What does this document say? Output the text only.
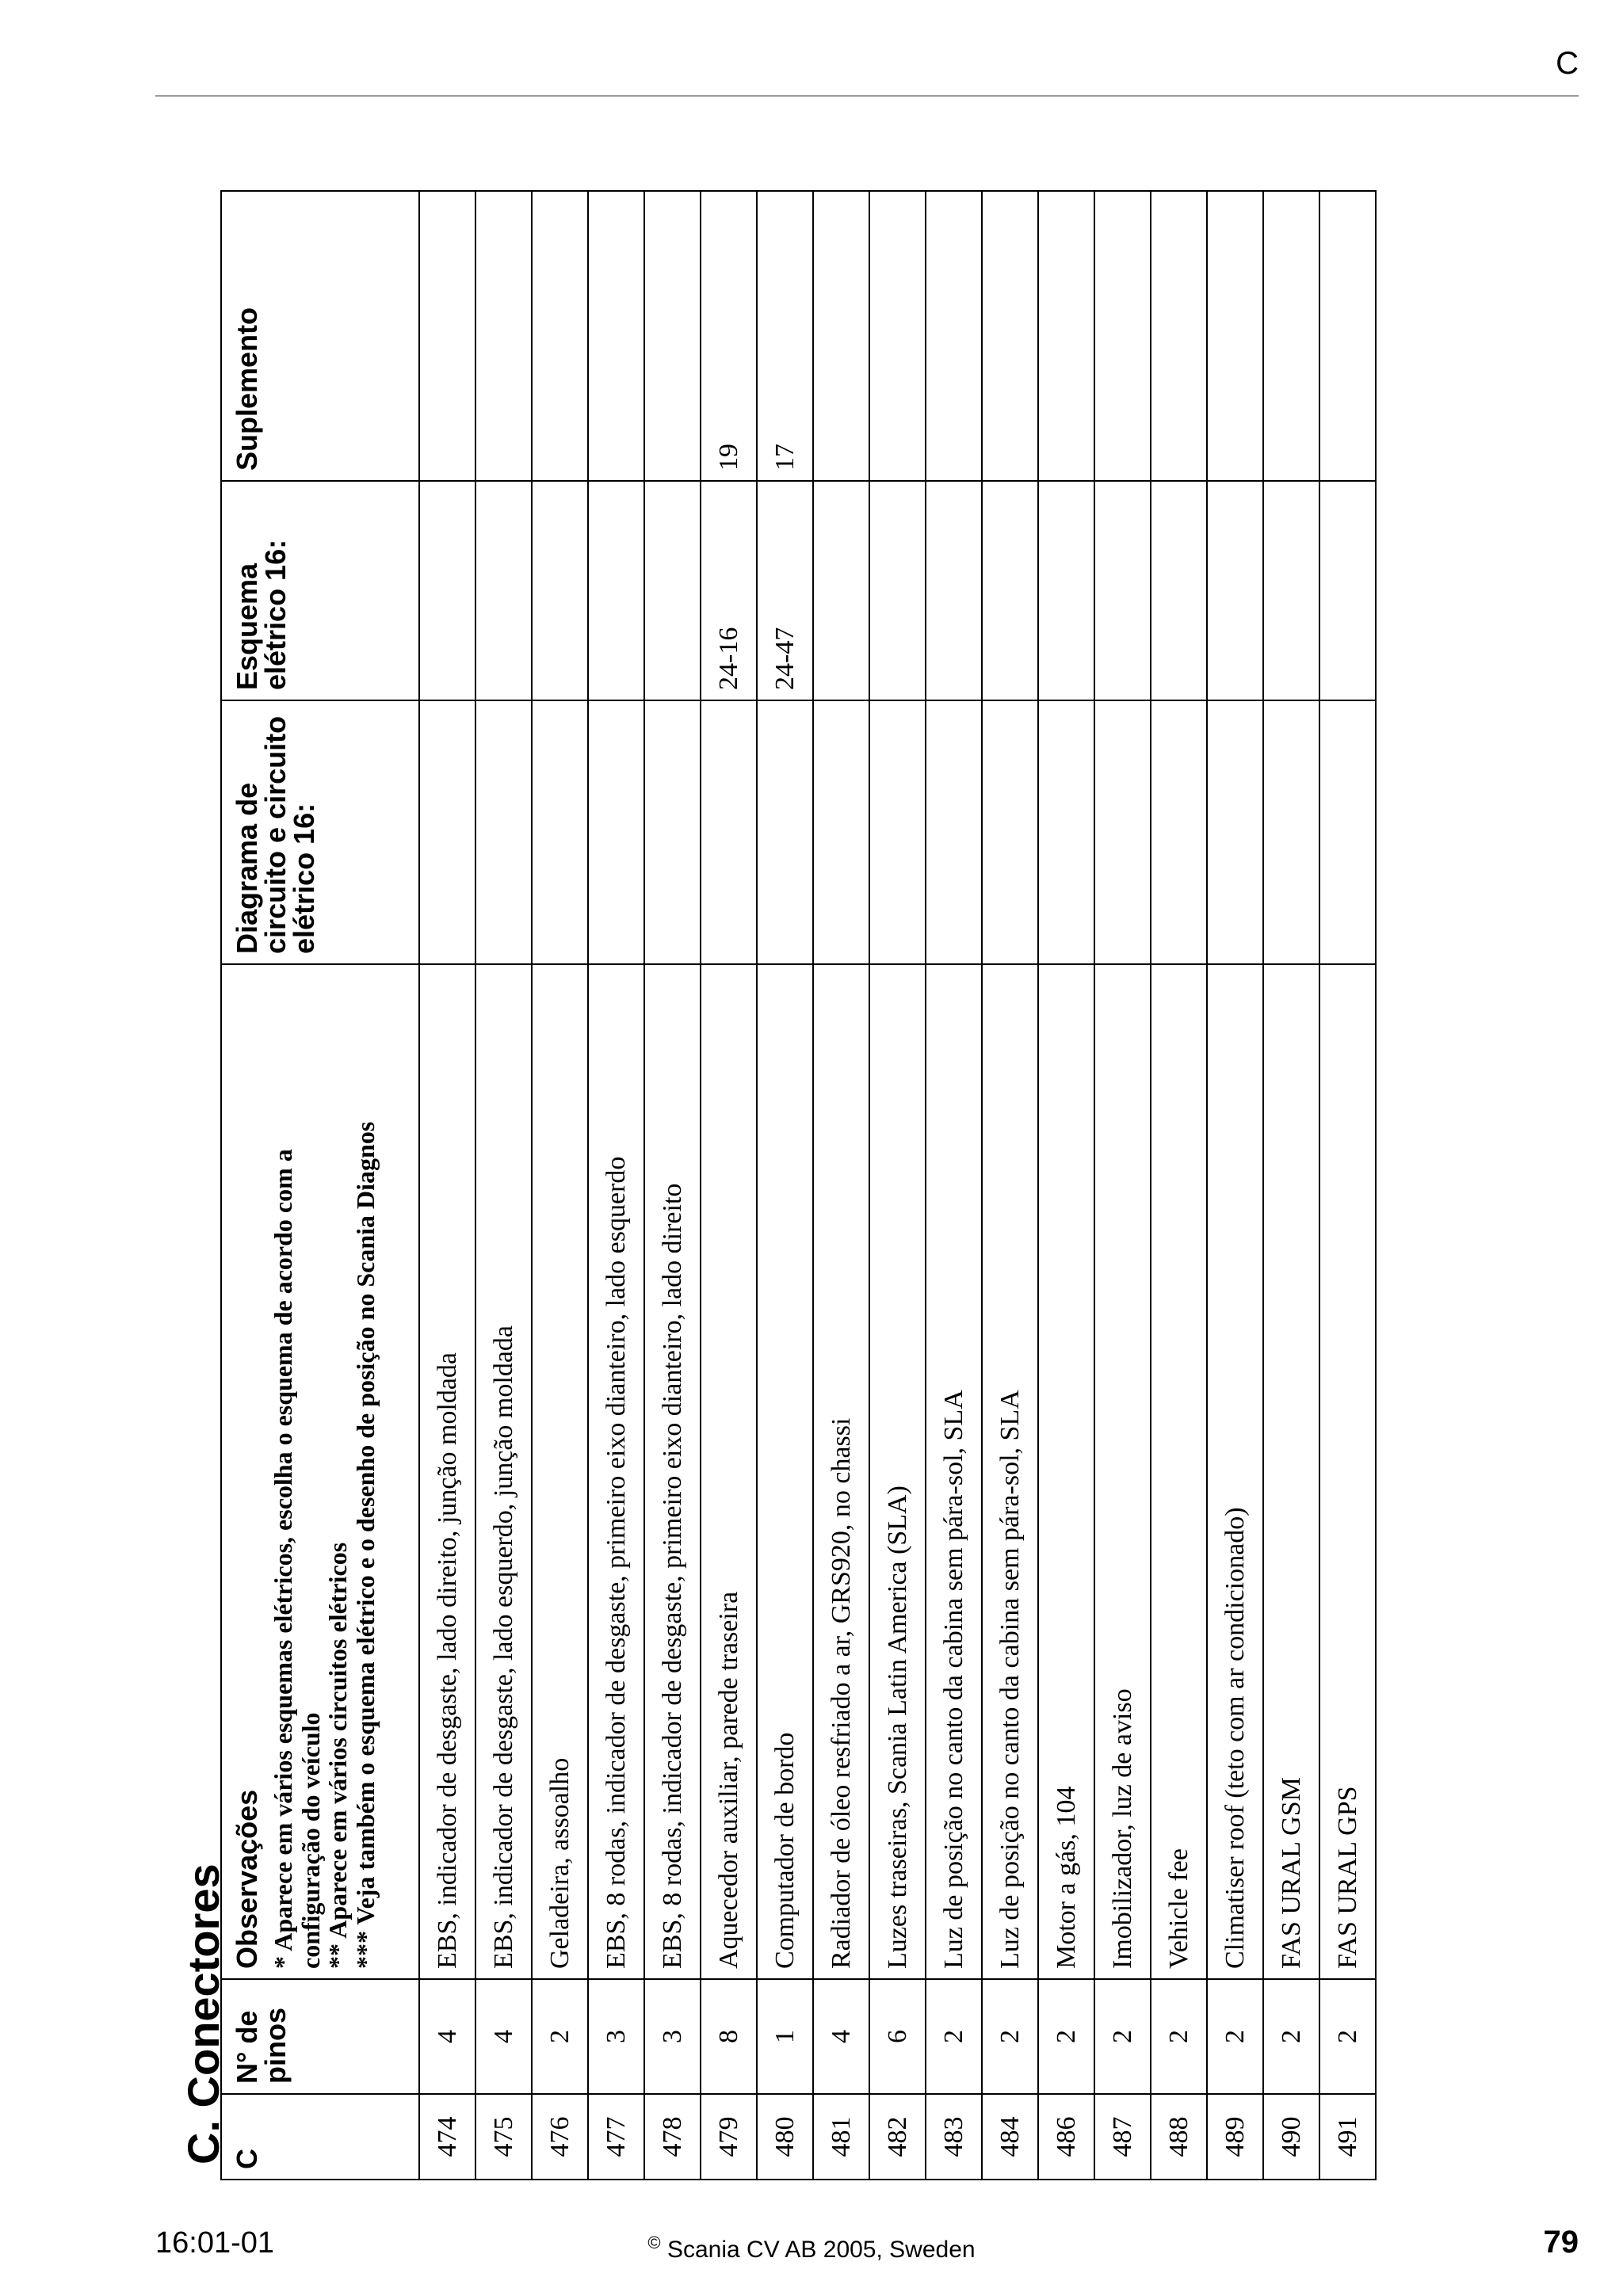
C
C. Conectores C	N° de pinos	Observações * Aparece em vários esquemas elétricos, escolha o esquema de acordo com a
configuração do veículo
** Aparece em vários circuitos elétricos
*** Veja também o esquema elétrico e o desenho de posição no Scania Diagnos	Diagrama de circuito e circuito elétrico 16:	Esquema elétrico 16:	Suplemento
474	4	EBS, indicador de desgaste, lado direito, junção moldada			
475	4	EBS, indicador de desgaste, lado esquerdo, junção moldada			
476	2	Geladeira, assoalho			
477	3	EBS, 8 rodas, indicador de desgaste, primeiro eixo dianteiro, lado esquerdo			
478	3	EBS, 8 rodas, indicador de desgaste, primeiro eixo dianteiro, lado direito			
479	8	Aquecedor auxiliar, parede traseira		24-16	19
480	1	Computador de bordo		24-47	17
481	4	Radiador de óleo resfriado a ar, GRS920, no chassi			
482	6	Luzes traseiras, Scania Latin America (SLA)			
483	2	Luz de posição no canto da cabina sem pára-sol, SLA			
484	2	Luz de posição no canto da cabina sem pára-sol, SLA			
486	2	Motor a gás, 104			
487	2	Imobilizador, luz de aviso			
488	2	Vehicle fee			
489	2	Climatiser roof (teto com ar condicionado)			
490	2	FAS URAL GSM			
491	2	FAS URAL GPS			
16:01-01	© Scania CV AB 2005, Sweden	79
